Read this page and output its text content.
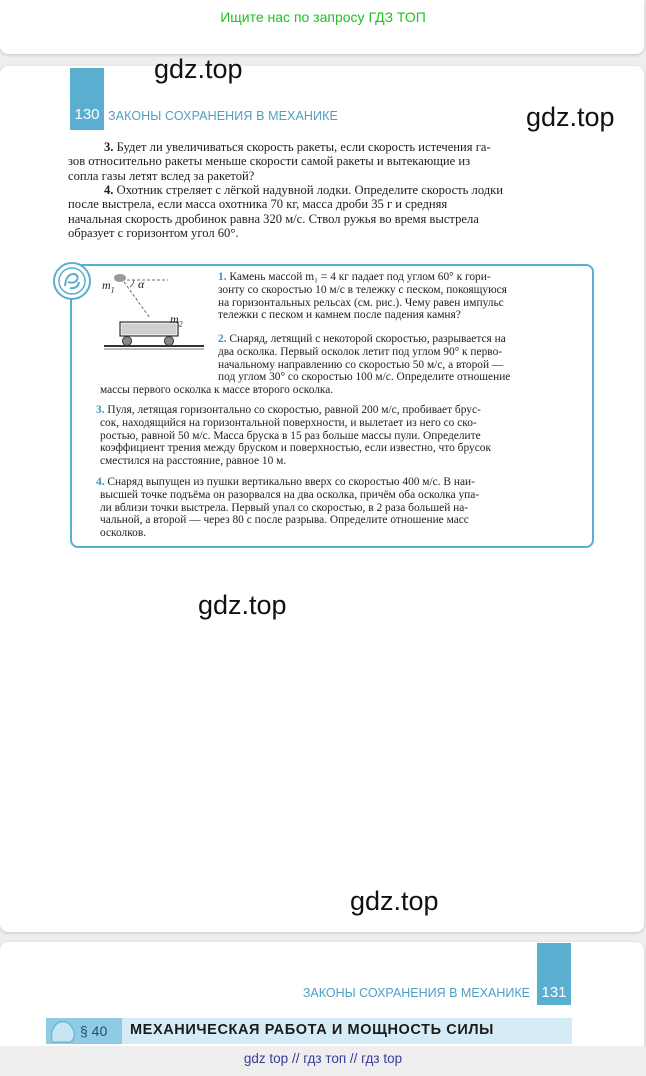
Ищите нас по запросу ГДЗ ТОП
130 ЗАКОНЫ СОХРАНЕНИЯ В МЕХАНИКЕ
3. Будет ли увеличиваться скорость ракеты, если скорость истечения га-
зов относительно ракеты меньше скорости самой ракеты и вытекающие из
сопла газы летят вслед за ракетой?
4. Охотник стреляет с лёгкой надувной лодки. Определите скорость лодки
после выстрела, если масса охотника 70 кг, масса дроби 35 г и средняя
начальная скорость дробинок равна 320 м/с. Ствол ружья во время выстрела
образует с горизонтом угол 60°.
$m_1$ α
$m_2$
1. Камень массой m₁ = 4 кг падает под углом 60° к гори-
зонту со скоростью 10 м/с в тележку с песком, покоящуюся
на горизонтальных рельсах (см. рис.). Чему равен импульс
тележки с песком и камнем после падения камня?
2. Снаряд, летящий с некоторой скоростью, разрывается на
два осколка. Первый осколок летит под углом 90° к перво-
начальному направлению со скоростью 50 м/с, а второй —
под углом 30° со скоростью 100 м/с. Определите отношение
массы первого осколка к массе второго осколка.
3. Пуля, летящая горизонтально со скоростью, равной 200 м/с, пробивает брус-
сок, находящийся на горизонтальной поверхности, и вылетает из него со ско-
ростью, равной 50 м/с. Масса бруска в 15 раз больше массы пули. Определите
коэффициент трения между бруском и поверхностью, если известно, что брусок
сместился на расстояние, равное 10 м.
4. Снаряд выпущен из пушки вертикально вверх со скоростью 400 м/с. В наи-
высшей точке подъёма он разорвался на два осколка, причём оба осколка упа-
ли вблизи точки выстрела. Первый упал со скоростью, в 2 раза большей на-
чальной, а второй — через 80 с после разрыва. Определите отношение масс
осколков.
gdz.top
gdz.top
gdz.top
gdz.top
ЗАКОНЫ СОХРАНЕНИЯ В МЕХАНИКЕ 131
§ 40 МЕХАНИЧЕСКАЯ РАБОТА И МОЩНОСТЬ СИЛЫ
gdz top // гдз топ // гдз top
